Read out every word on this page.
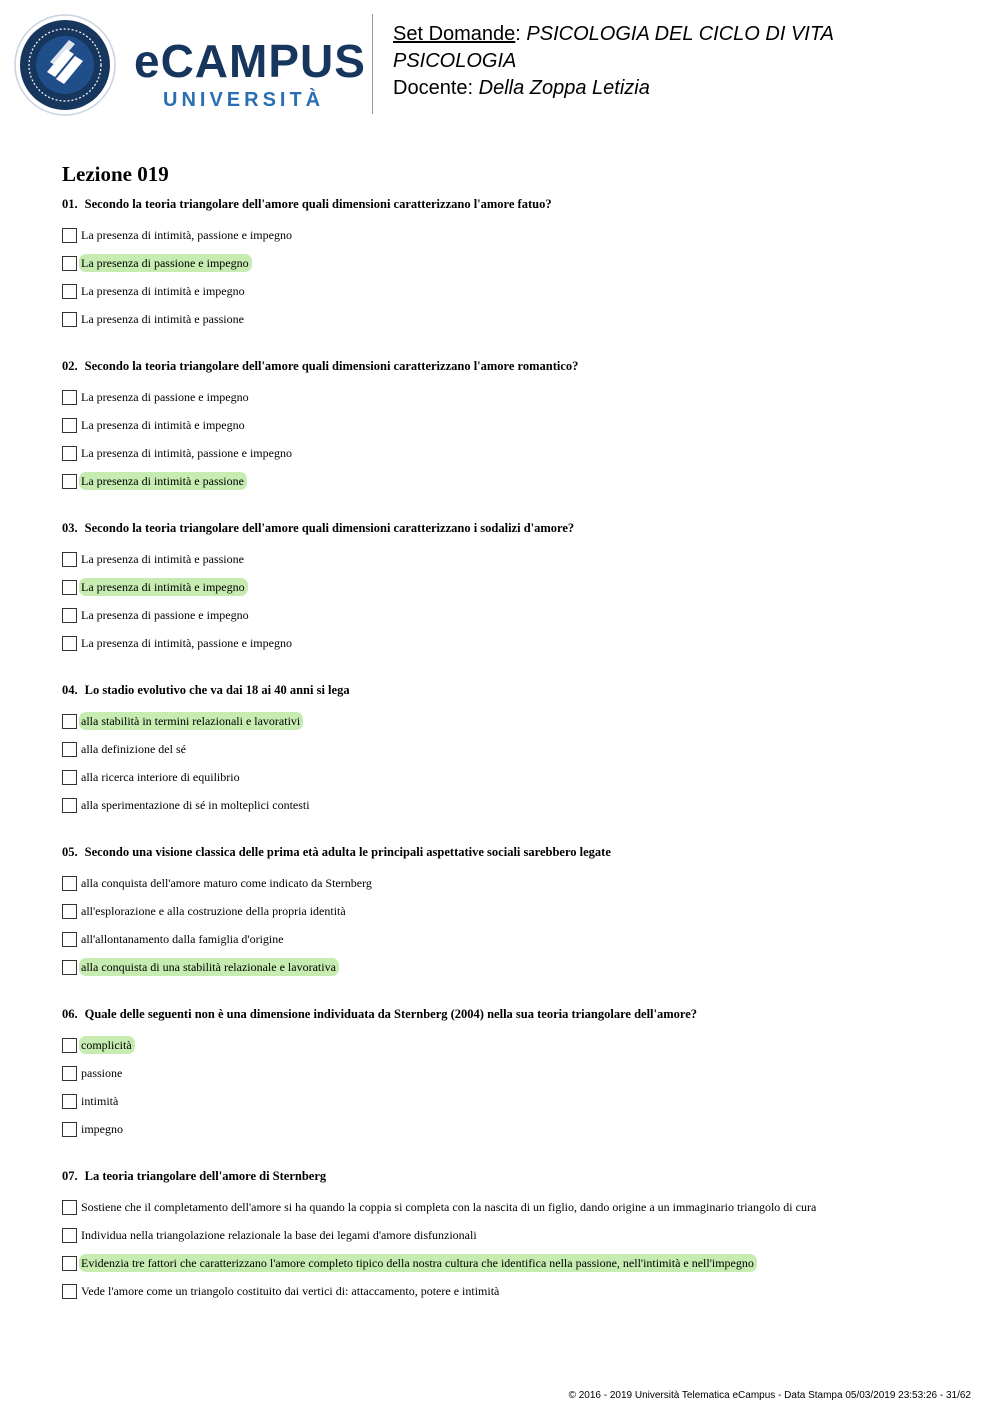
eCAMPUS
UNIVERSITÀ
Set Domande: PSICOLOGIA DEL CICLO DI VITA
PSICOLOGIA
Docente: Della Zoppa Letizia
Lezione 019
01. Secondo la teoria triangolare dell'amore quali dimensioni caratterizzano l'amore fatuo?
La presenza di intimità, passione e impegno
La presenza di passione e impegno
La presenza di intimità e impegno
La presenza di intimità e passione
02. Secondo la teoria triangolare dell'amore quali dimensioni caratterizzano l'amore romantico?
La presenza di passione e impegno
La presenza di intimità e impegno
La presenza di intimità, passione e impegno
La presenza di intimità e passione
03. Secondo la teoria triangolare dell'amore quali dimensioni caratterizzano i sodalizi d'amore?
La presenza di intimità e passione
La presenza di intimità e impegno
La presenza di passione e impegno
La presenza di intimità, passione e impegno
04. Lo stadio evolutivo che va dai 18 ai 40 anni si lega
alla stabilità in termini relazionali e lavorativi
alla definizione del sé
alla ricerca interiore di equilibrio
alla sperimentazione di sé in molteplici contesti
05. Secondo una visione classica delle prima età adulta le principali aspettative sociali sarebbero legate
alla conquista dell'amore maturo come indicato da Sternberg
all'esplorazione e alla costruzione della propria identità
all'allontanamento dalla famiglia d'origine
alla conquista di una stabilità relazionale e lavorativa
06. Quale delle seguenti non è una dimensione individuata da Sternberg (2004) nella sua teoria triangolare dell'amore?
complicità
passione
intimità
impegno
07. La teoria triangolare dell'amore di Sternberg
Sostiene che il completamento dell'amore si ha quando la coppia si completa con la nascita di un figlio, dando origine a un immaginario triangolo di cura
Individua nella triangolazione relazionale la base dei legami d'amore disfunzionali
Evidenzia tre fattori che caratterizzano l'amore completo tipico della nostra cultura che identifica nella passione, nell'intimità e nell'impegno
Vede l'amore come un triangolo costituito dai vertici di: attaccamento, potere e intimità
© 2016 - 2019 Università Telematica eCampus - Data Stampa 05/03/2019 23:53:26 - 31/62
